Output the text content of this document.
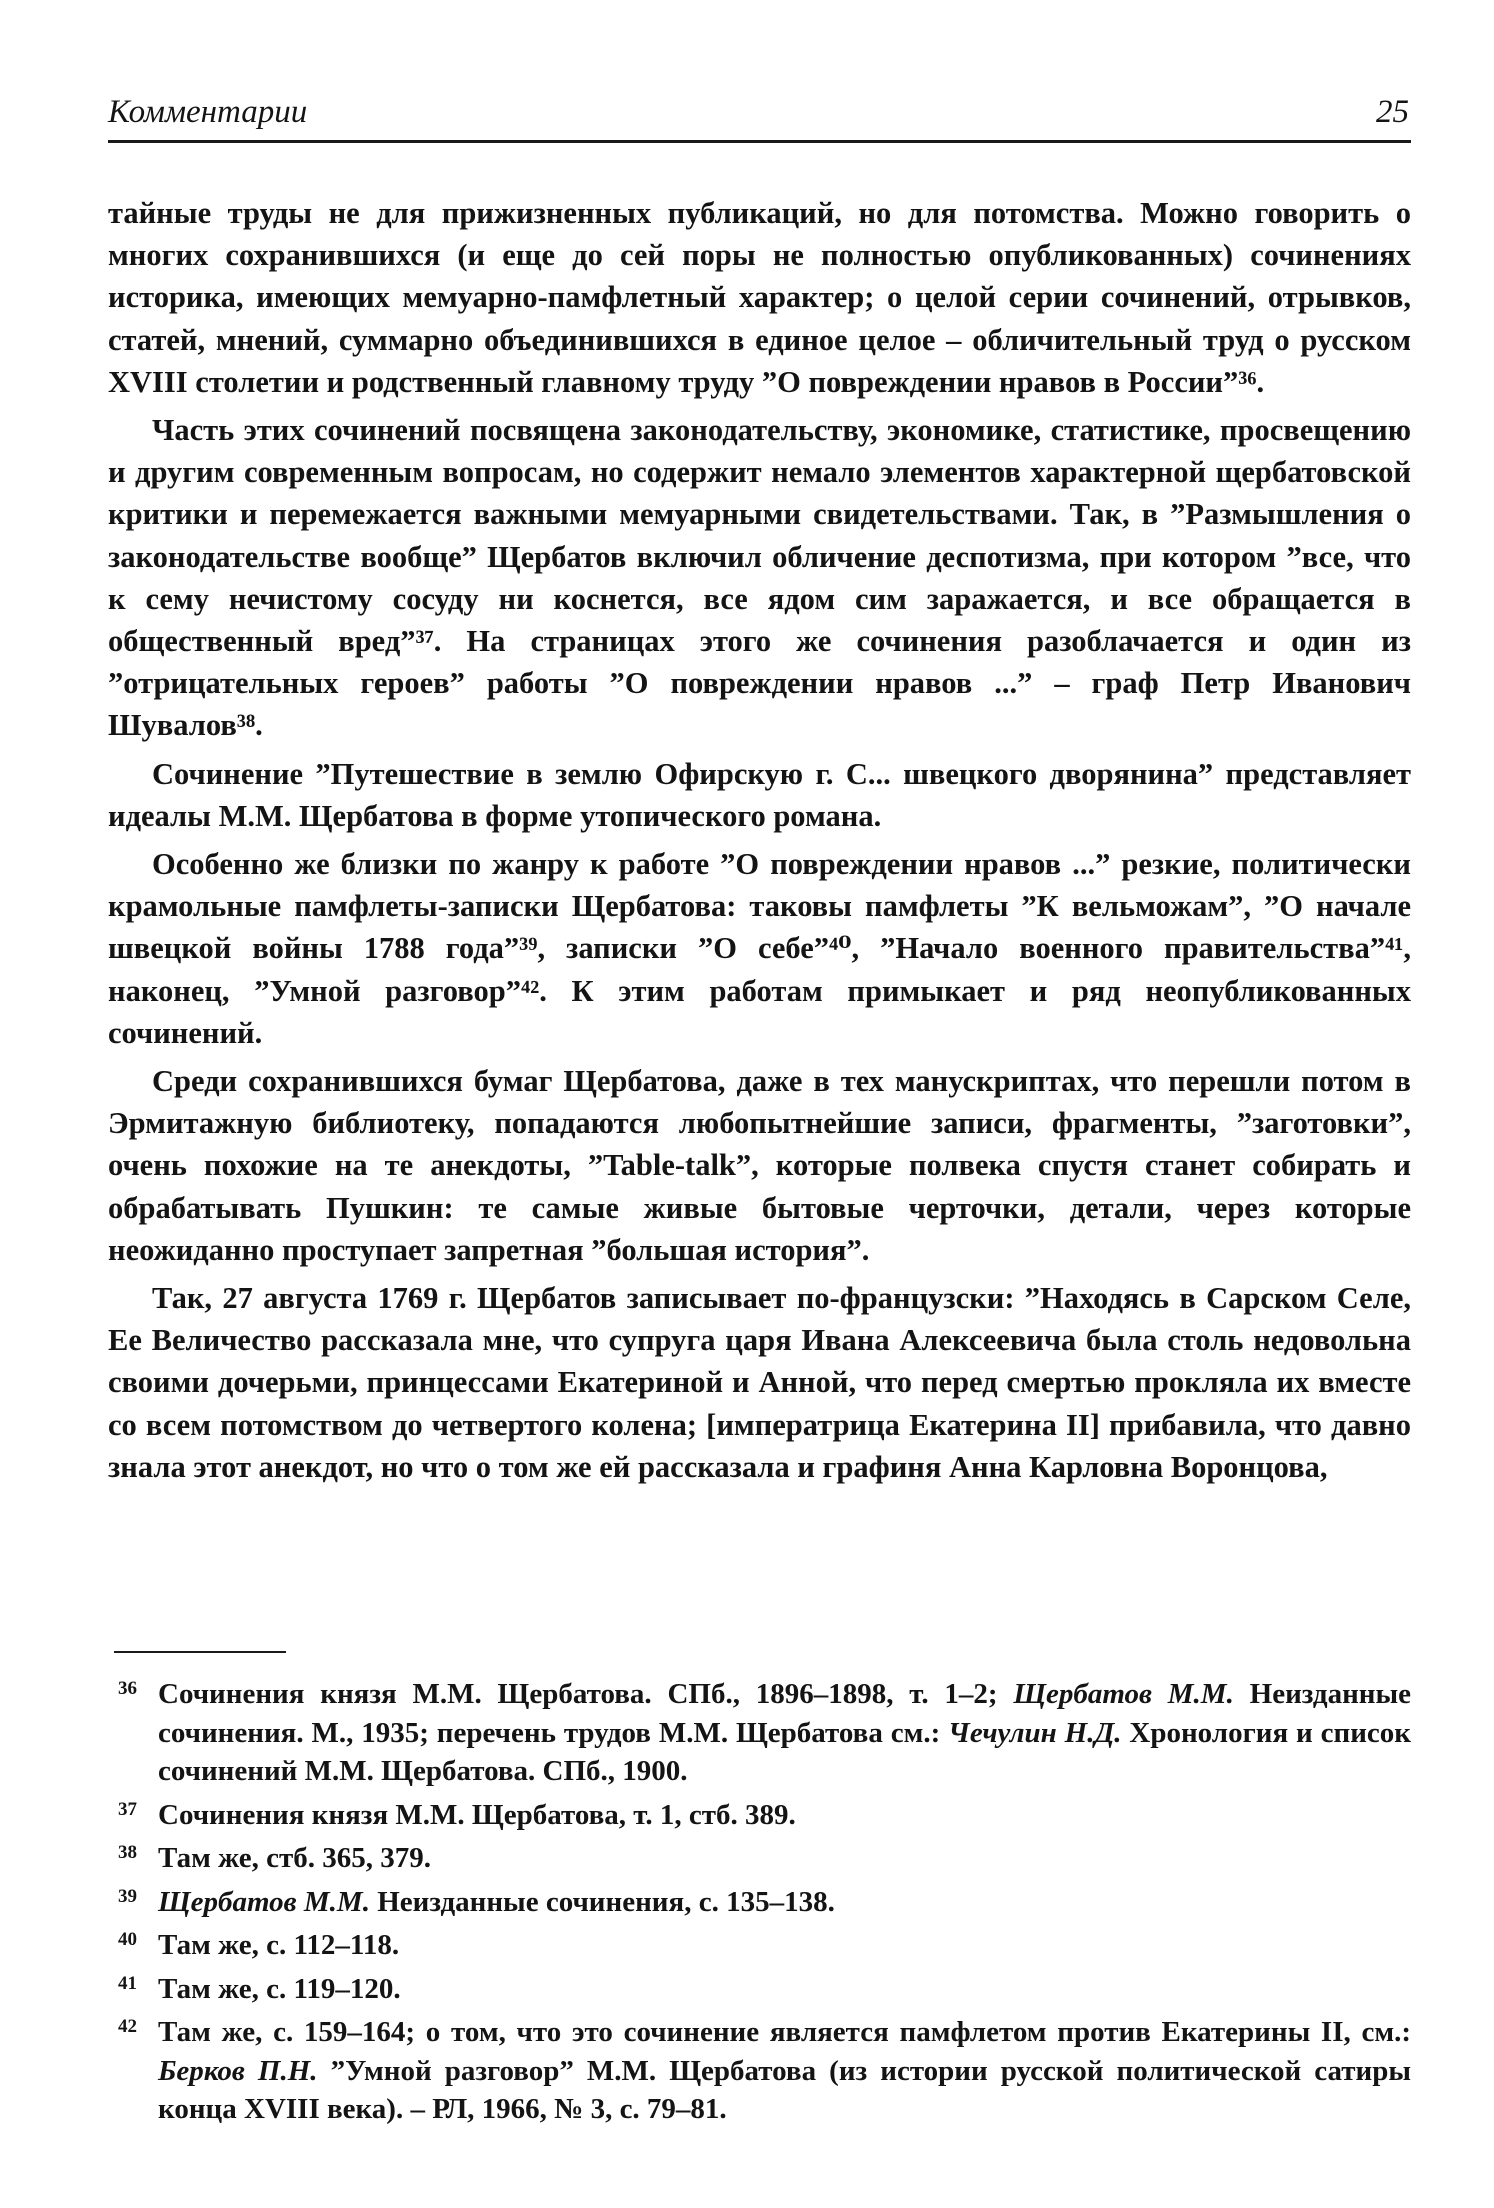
Комментарии	25

тайные труды не для прижизненных публикаций, но для потомства. Можно говорить о многих сохранившихся (и еще до сей поры не полностью опубликованных) сочинениях историка, имеющих мемуарно-памфлетный характер; о целой серии сочинений, отрывков, статей, мнений, суммарно объединившихся в единое целое – обличительный труд о русском XVIII столетии и родственный главному труду ”О повреждении нравов в России”³⁶.

Часть этих сочинений посвящена законодательству, экономике, статистике, просвещению и другим современным вопросам, но содержит немало элементов характерной щербатовской критики и перемежается важными мемуарными свидетельствами. Так, в ”Размышления о законодательстве вообще” Щербатов включил обличение деспотизма, при котором ”все, что к сему нечистому сосуду ни коснется, все ядом сим заражается, и все обращается в общественный вред”³⁷. На страницах этого же сочинения разоблачается и один из ”отрицательных героев” работы ”О повреждении нравов ...” – граф Петр Иванович Шувалов³⁸.

Сочинение ”Путешествие в землю Офирскую г. С... швецкого дворянина” представляет идеалы М.М. Щербатова в форме утопического романа.

Особенно же близки по жанру к работе ”О повреждении нравов ...” резкие, политически крамольные памфлеты-записки Щербатова: таковы памфлеты ”К вельможам”, ”О начале швецкой войны 1788 года”³⁹, записки ”О себе”⁴⁰, ”Начало военного правительства”⁴¹, наконец, ”Умной разговор”⁴². К этим работам примыкает и ряд неопубликованных сочинений.

Среди сохранившихся бумаг Щербатова, даже в тех манускриптах, что перешли потом в Эрмитажную библиотеку, попадаются любопытнейшие записи, фрагменты, ”заготовки”, очень похожие на те анекдоты, ”Table-talk”, которые полвека спустя станет собирать и обрабатывать Пушкин: те самые живые бытовые черточки, детали, через которые неожиданно проступает запретная ”большая история”.

Так, 27 августа 1769 г. Щербатов записывает по-французски: ”Находясь в Сарском Селе, Ее Величество рассказала мне, что супруга царя Ивана Алексеевича была столь недовольна своими дочерьми, принцессами Екатериной и Анной, что перед смертью прокляла их вместе со всем потомством до четвертого колена; [императрица Екатерина II] прибавила, что давно знала этот анекдот, но что о том же ей рассказала и графиня Анна Карловна Воронцова,

36 Сочинения князя М.М. Щербатова. СПб., 1896–1898, т. 1–2; Щербатов М.М. Неизданные сочинения. М., 1935; перечень трудов М.М. Щербатова см.: Чечулин Н.Д. Хронология и список сочинений М.М. Щербатова. СПб., 1900.
37 Сочинения князя М.М. Щербатова, т. 1, стб. 389.
38 Там же, стб. 365, 379.
39 Щербатов М.М. Неизданные сочинения, с. 135–138.
40 Там же, с. 112–118.
41 Там же, с. 119–120.
42 Там же, с. 159–164; о том, что это сочинение является памфлетом против Екатерины II, см.: Берков П.Н. ”Умной разговор” М.М. Щербатова (из истории русской политической сатиры конца XVIII века). – РЛ, 1966, № 3, с. 79–81.
